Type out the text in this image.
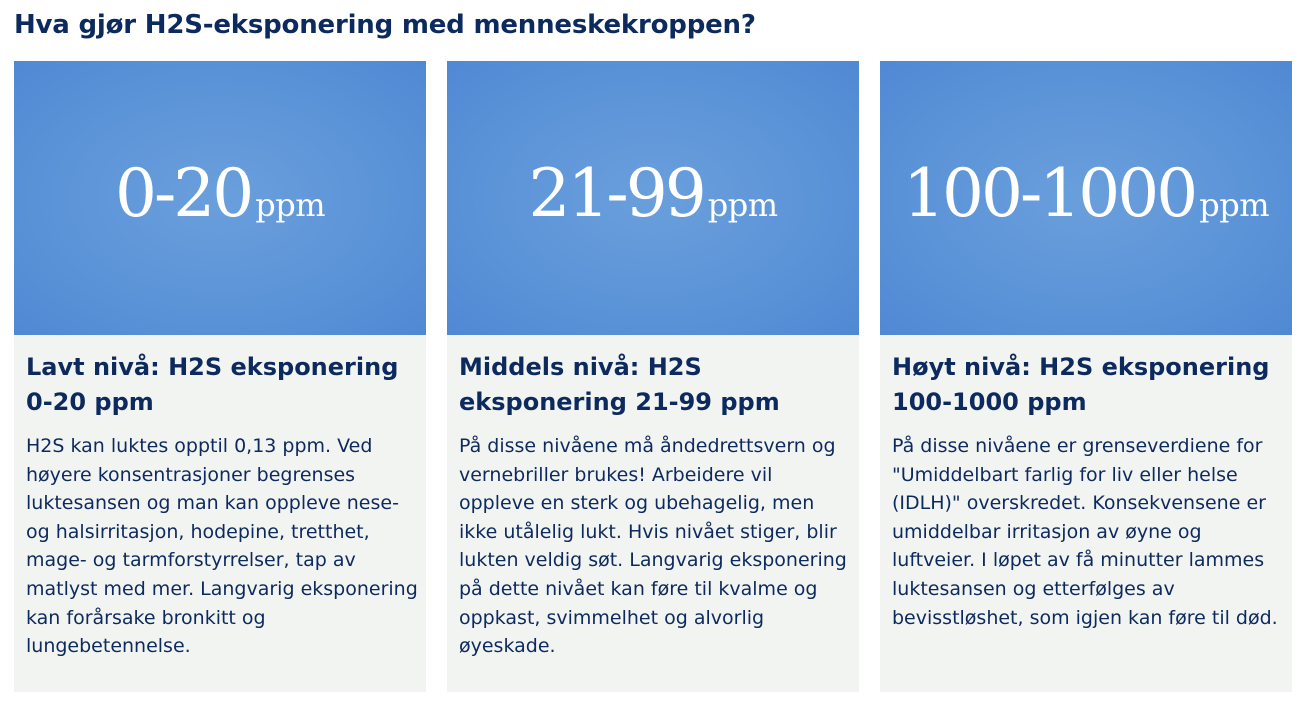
Hva gjør H2S-eksponering med menneskekroppen?
0-20 ppm
Lavt nivå: H2S eksponering 0-20 ppm

H2S kan luktes opptil 0,13 ppm. Ved høyere konsentrasjoner begrenses luktesansen og man kan oppleve nese- og halsirritasjon, hodepine, tretthet, mage- og tarmforstyrrelser, tap av matlyst med mer. Langvarig eksponering kan forårsake bronkitt og lungebetennelse.

21-99 ppm
Middels nivå: H2S eksponering 21-99 ppm

På disse nivåene må åndedrettsvern og vernebriller brukes! Arbeidere vil oppleve en sterk og ubehagelig, men ikke utålelig lukt. Hvis nivået stiger, blir lukten veldig søt. Langvarig eksponering på dette nivået kan føre til kvalme og oppkast, svimmelhet og alvorlig øyeskade.

100-1000 ppm
Høyt nivå: H2S eksponering 100-1000 ppm

På disse nivåene er grenseverdiene for "Umiddelbart farlig for liv eller helse (IDLH)" overskredet. Konsekvensene er umiddelbar irritasjon av øyne og luftveier. I løpet av få minutter lammes luktesansen og etterfølges av bevisstløshet, som igjen kan føre til død.
